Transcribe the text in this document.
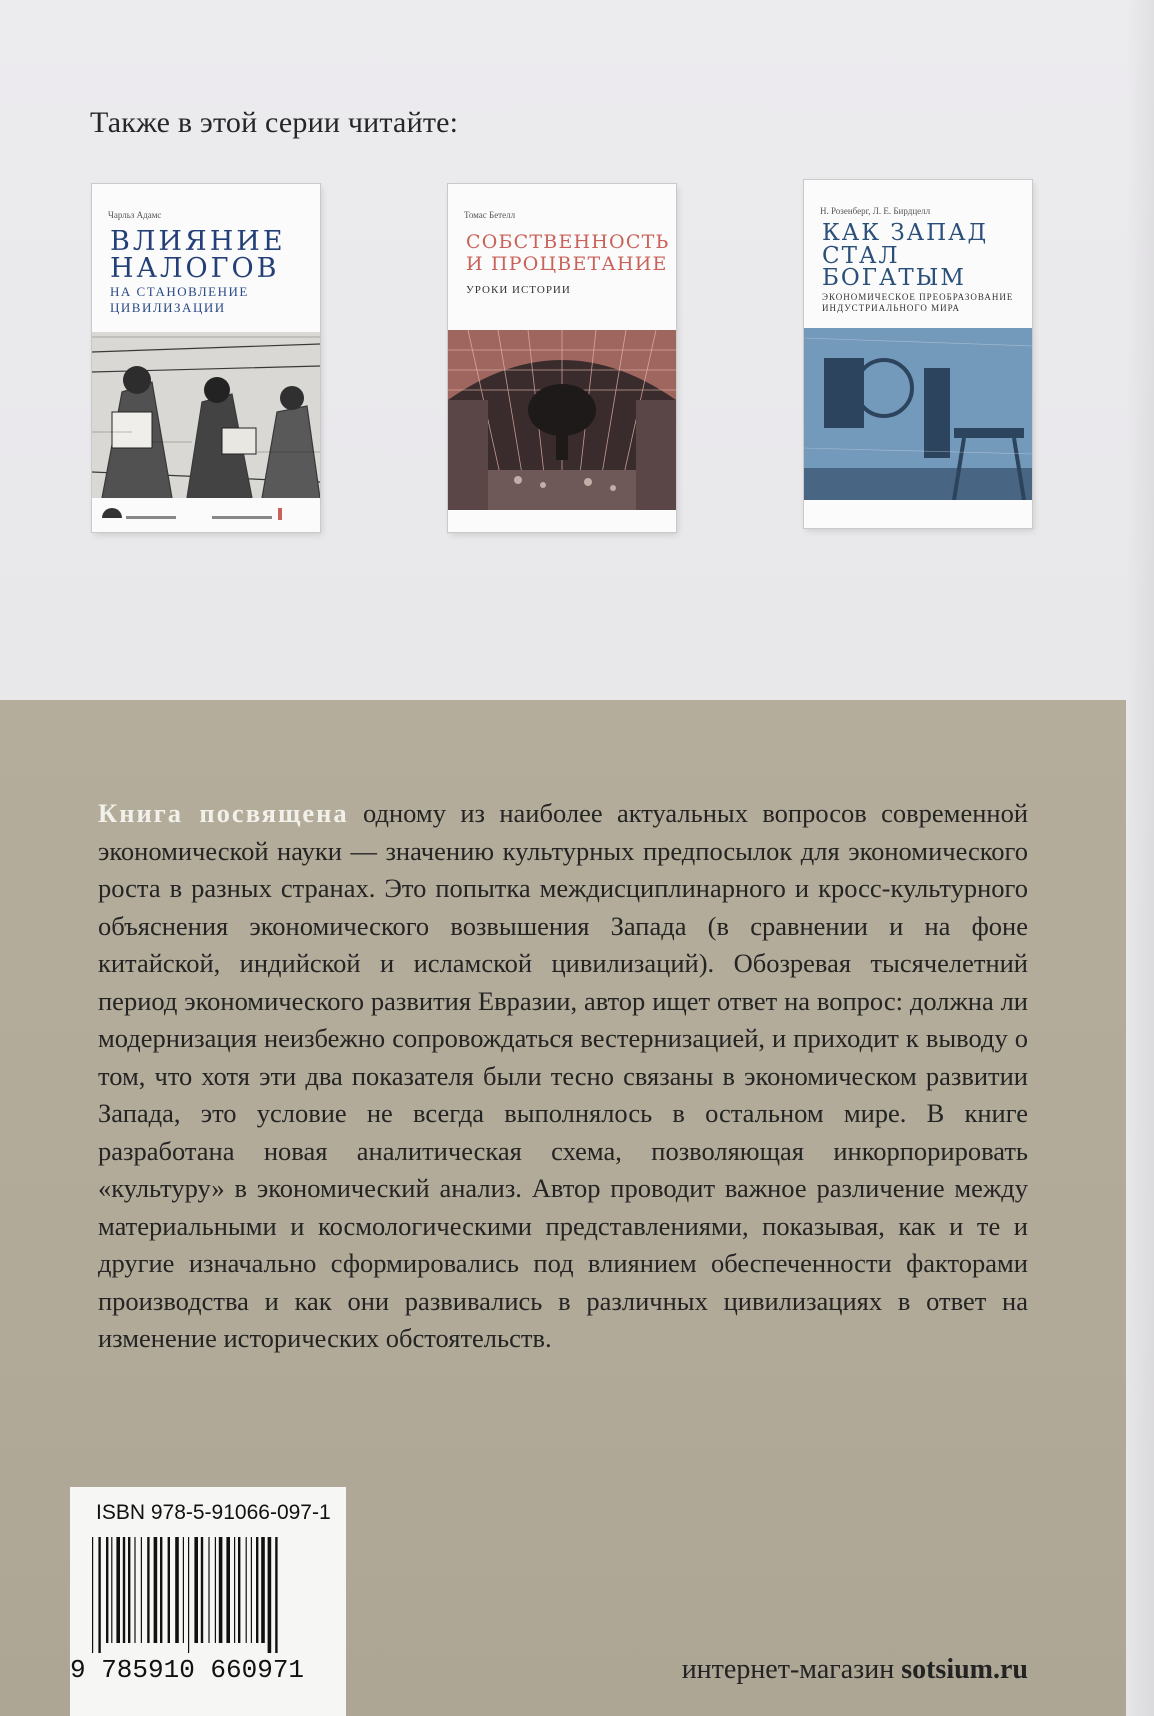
Также в этой серии читайте:
Чарльз Адамс
ВЛИЯНИЕ
НАЛОГОВ
НА СТАНОВЛЕНИЕ
ЦИВИЛИЗАЦИИ
Томас Бетелл
СОБСТВЕННОСТЬ
И ПРОЦВЕТАНИЕ
УРОКИ ИСТОРИИ
Н. Розенберг, Л. Е. Бирдцелл
КАК ЗАПАД
СТАЛ
БОГАТЫМ
ЭКОНОМИЧЕСКОЕ ПРЕОБРАЗОВАНИЕ
ИНДУСТРИАЛЬНОГО МИРА
Книга посвящена одному из наиболее актуальных вопросов современной экономической науки — значению культурных предпосылок для экономического роста в разных странах. Это попытка междисциплинарного и кросс-культурного объяснения экономического возвышения Запада (в сравнении и на фоне китайской, индийской и исламской цивилизаций). Обозревая тысячелетний период экономического развития Евразии, автор ищет ответ на вопрос: должна ли модернизация неизбежно сопровождаться вестернизацией, и приходит к выводу о том, что хотя эти два показателя были тесно связаны в экономическом развитии Запада, это условие не всегда выполнялось в остальном мире. В книге разработана новая аналитическая схема, позволяющая инкорпорировать «культуру» в экономический анализ. Автор проводит важное различение между материальными и космологическими представлениями, показывая, как и те и другие изначально сформировались под влиянием обеспеченности факторами производства и как они развивались в различных цивилизациях в ответ на изменение исторических обстоятельств.
ISBN 978-5-91066-097-1
9 785910 660971	интернет-магазин sotsium.ru
